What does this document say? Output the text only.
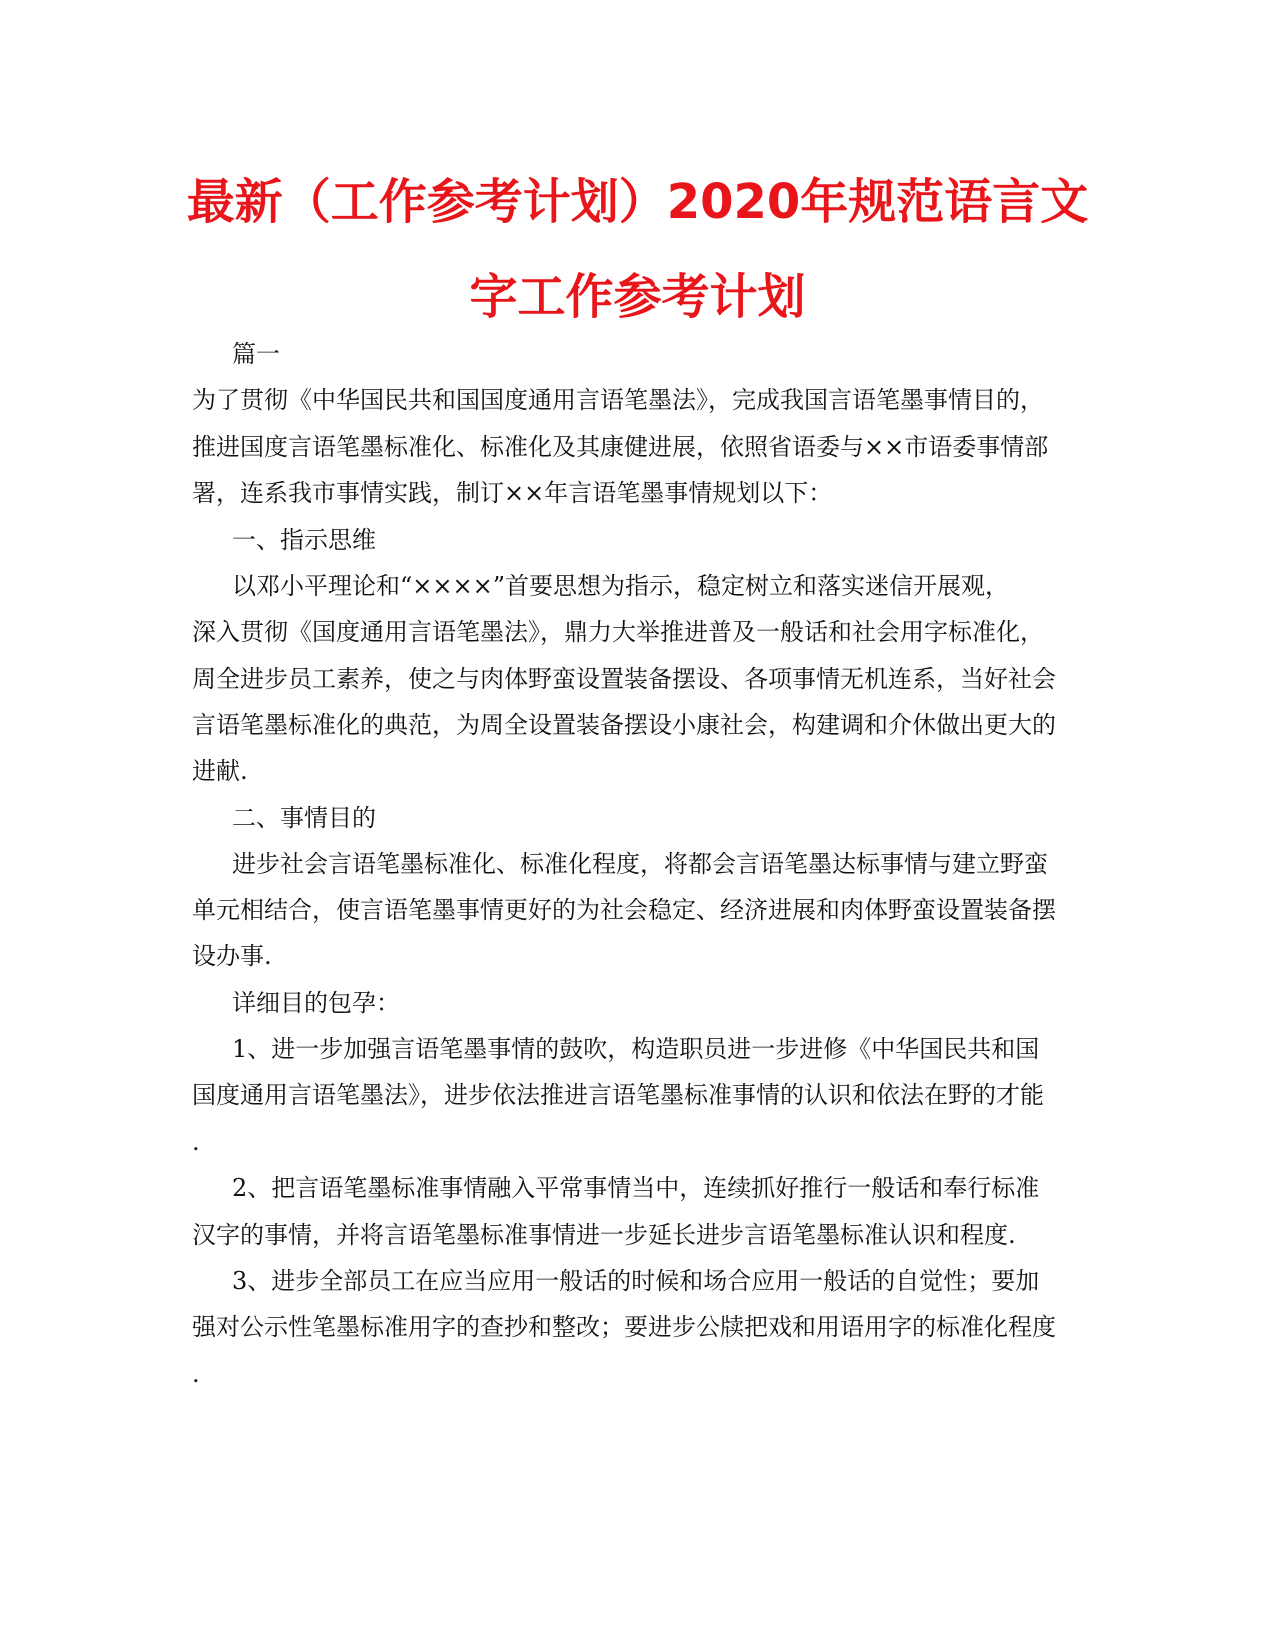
最新（工作参考计划）2020年规范语言文
字工作参考计划
篇一
为了贯彻《中华国民共和国国度通用言语笔墨法》，完成我国言语笔墨事情目的，
推进国度言语笔墨标准化、标准化及其康健进展，依照省语委与××市语委事情部
署，连系我市事情实践，制订××年言语笔墨事情规划以下：
一、指示思维
以邓小平理论和“××××”首要思想为指示，稳定树立和落实迷信开展观，
深入贯彻《国度通用言语笔墨法》，鼎力大举推进普及一般话和社会用字标准化，
周全进步员工素养，使之与肉体野蛮设置装备摆设、各项事情无机连系，当好社会
言语笔墨标准化的典范，为周全设置装备摆设小康社会，构建调和介休做出更大的
进献.
二、事情目的
进步社会言语笔墨标准化、标准化程度，将都会言语笔墨达标事情与建立野蛮
单元相结合，使言语笔墨事情更好的为社会稳定、经济进展和肉体野蛮设置装备摆
设办事.
详细目的包孕：
1、进一步加强言语笔墨事情的鼓吹，构造职员进一步进修《中华国民共和国
国度通用言语笔墨法》，进步依法推进言语笔墨标准事情的认识和依法在野的才能
.
2、把言语笔墨标准事情融入平常事情当中，连续抓好推行一般话和奉行标准
汉字的事情，并将言语笔墨标准事情进一步延长进步言语笔墨标准认识和程度.
3、进步全部员工在应当应用一般话的时候和场合应用一般话的自觉性；要加
强对公示性笔墨标准用字的查抄和整改；要进步公牍把戏和用语用字的标准化程度
.
